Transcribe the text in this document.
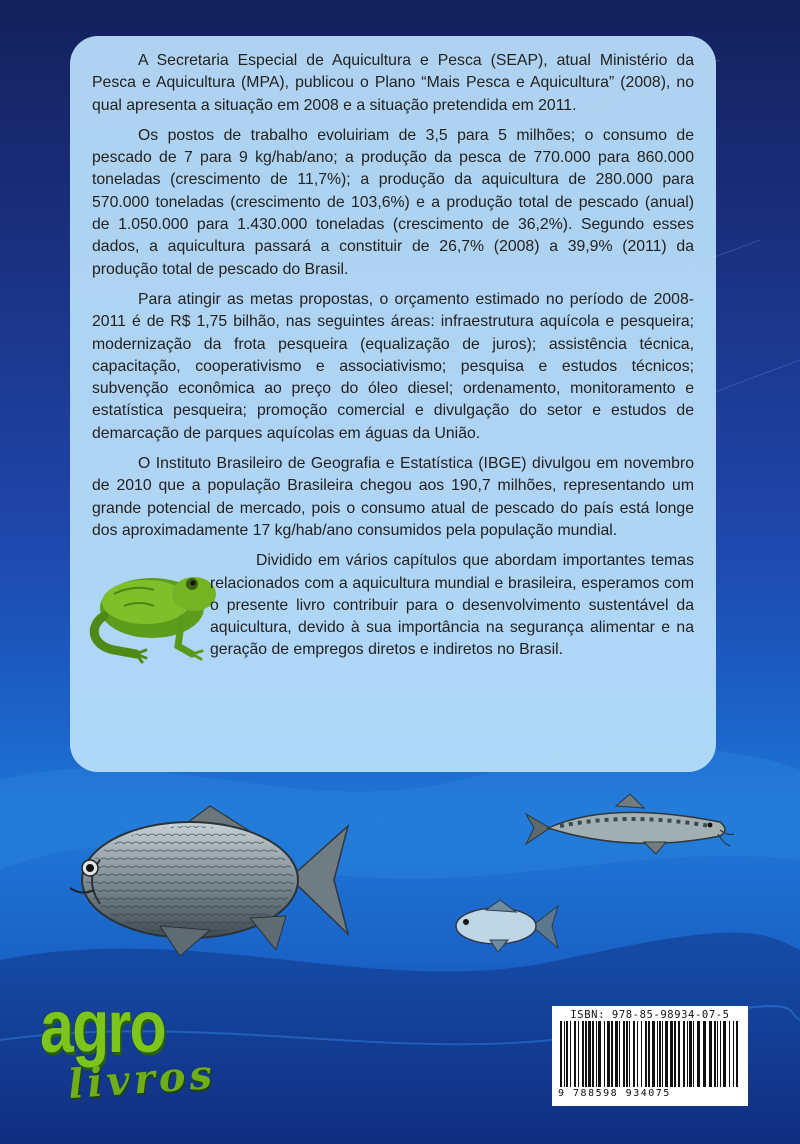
A Secretaria Especial de Aquicultura e Pesca (SEAP), atual Ministério da Pesca e Aquicultura (MPA), publicou o Plano “Mais Pesca e Aquicultura” (2008), no qual apresenta a situação em 2008 e a situação pretendida em 2011.

Os postos de trabalho evoluiriam de 3,5 para 5 milhões; o consumo de pescado de 7 para 9 kg/hab/ano; a produção da pesca de 770.000 para 860.000 toneladas (crescimento de 11,7%); a produção da aquicultura de 280.000 para 570.000 toneladas (crescimento de 103,6%) e a produção total de pescado (anual) de 1.050.000 para 1.430.000 toneladas (crescimento de 36,2%). Segundo esses dados, a aquicultura passará a constituir de 26,7% (2008) a 39,9% (2011) da produção total de pescado do Brasil.

Para atingir as metas propostas, o orçamento estimado no período de 2008-2011 é de R$ 1,75 bilhão, nas seguintes áreas: infraestrutura aquícola e pesqueira; modernização da frota pesqueira (equalização de juros); assistência técnica, capacitação, cooperativismo e associativismo; pesquisa e estudos técnicos; subvenção econômica ao preço do óleo diesel; ordenamento, monitoramento e estatística pesqueira; promoção comercial e divulgação do setor e estudos de demarcação de parques aquícolas em águas da União.

O Instituto Brasileiro de Geografia e Estatística (IBGE) divulgou em novembro de 2010 que a população Brasileira chegou aos 190,7 milhões, representando um grande potencial de mercado, pois o consumo atual de pescado do país está longe dos aproximadamente 17 kg/hab/ano consumidos pela população mundial.

Dividido em vários capítulos que abordam importantes temas relacionados com a aquicultura mundial e brasileira, esperamos com o presente livro contribuir para o desenvolvimento sustentável da aquicultura, devido à sua importância na segurança alimentar e na geração de empregos diretos e indiretos no Brasil.

agro
livros
ISBN: 978-85-98934-07-5
9 788598 934075
